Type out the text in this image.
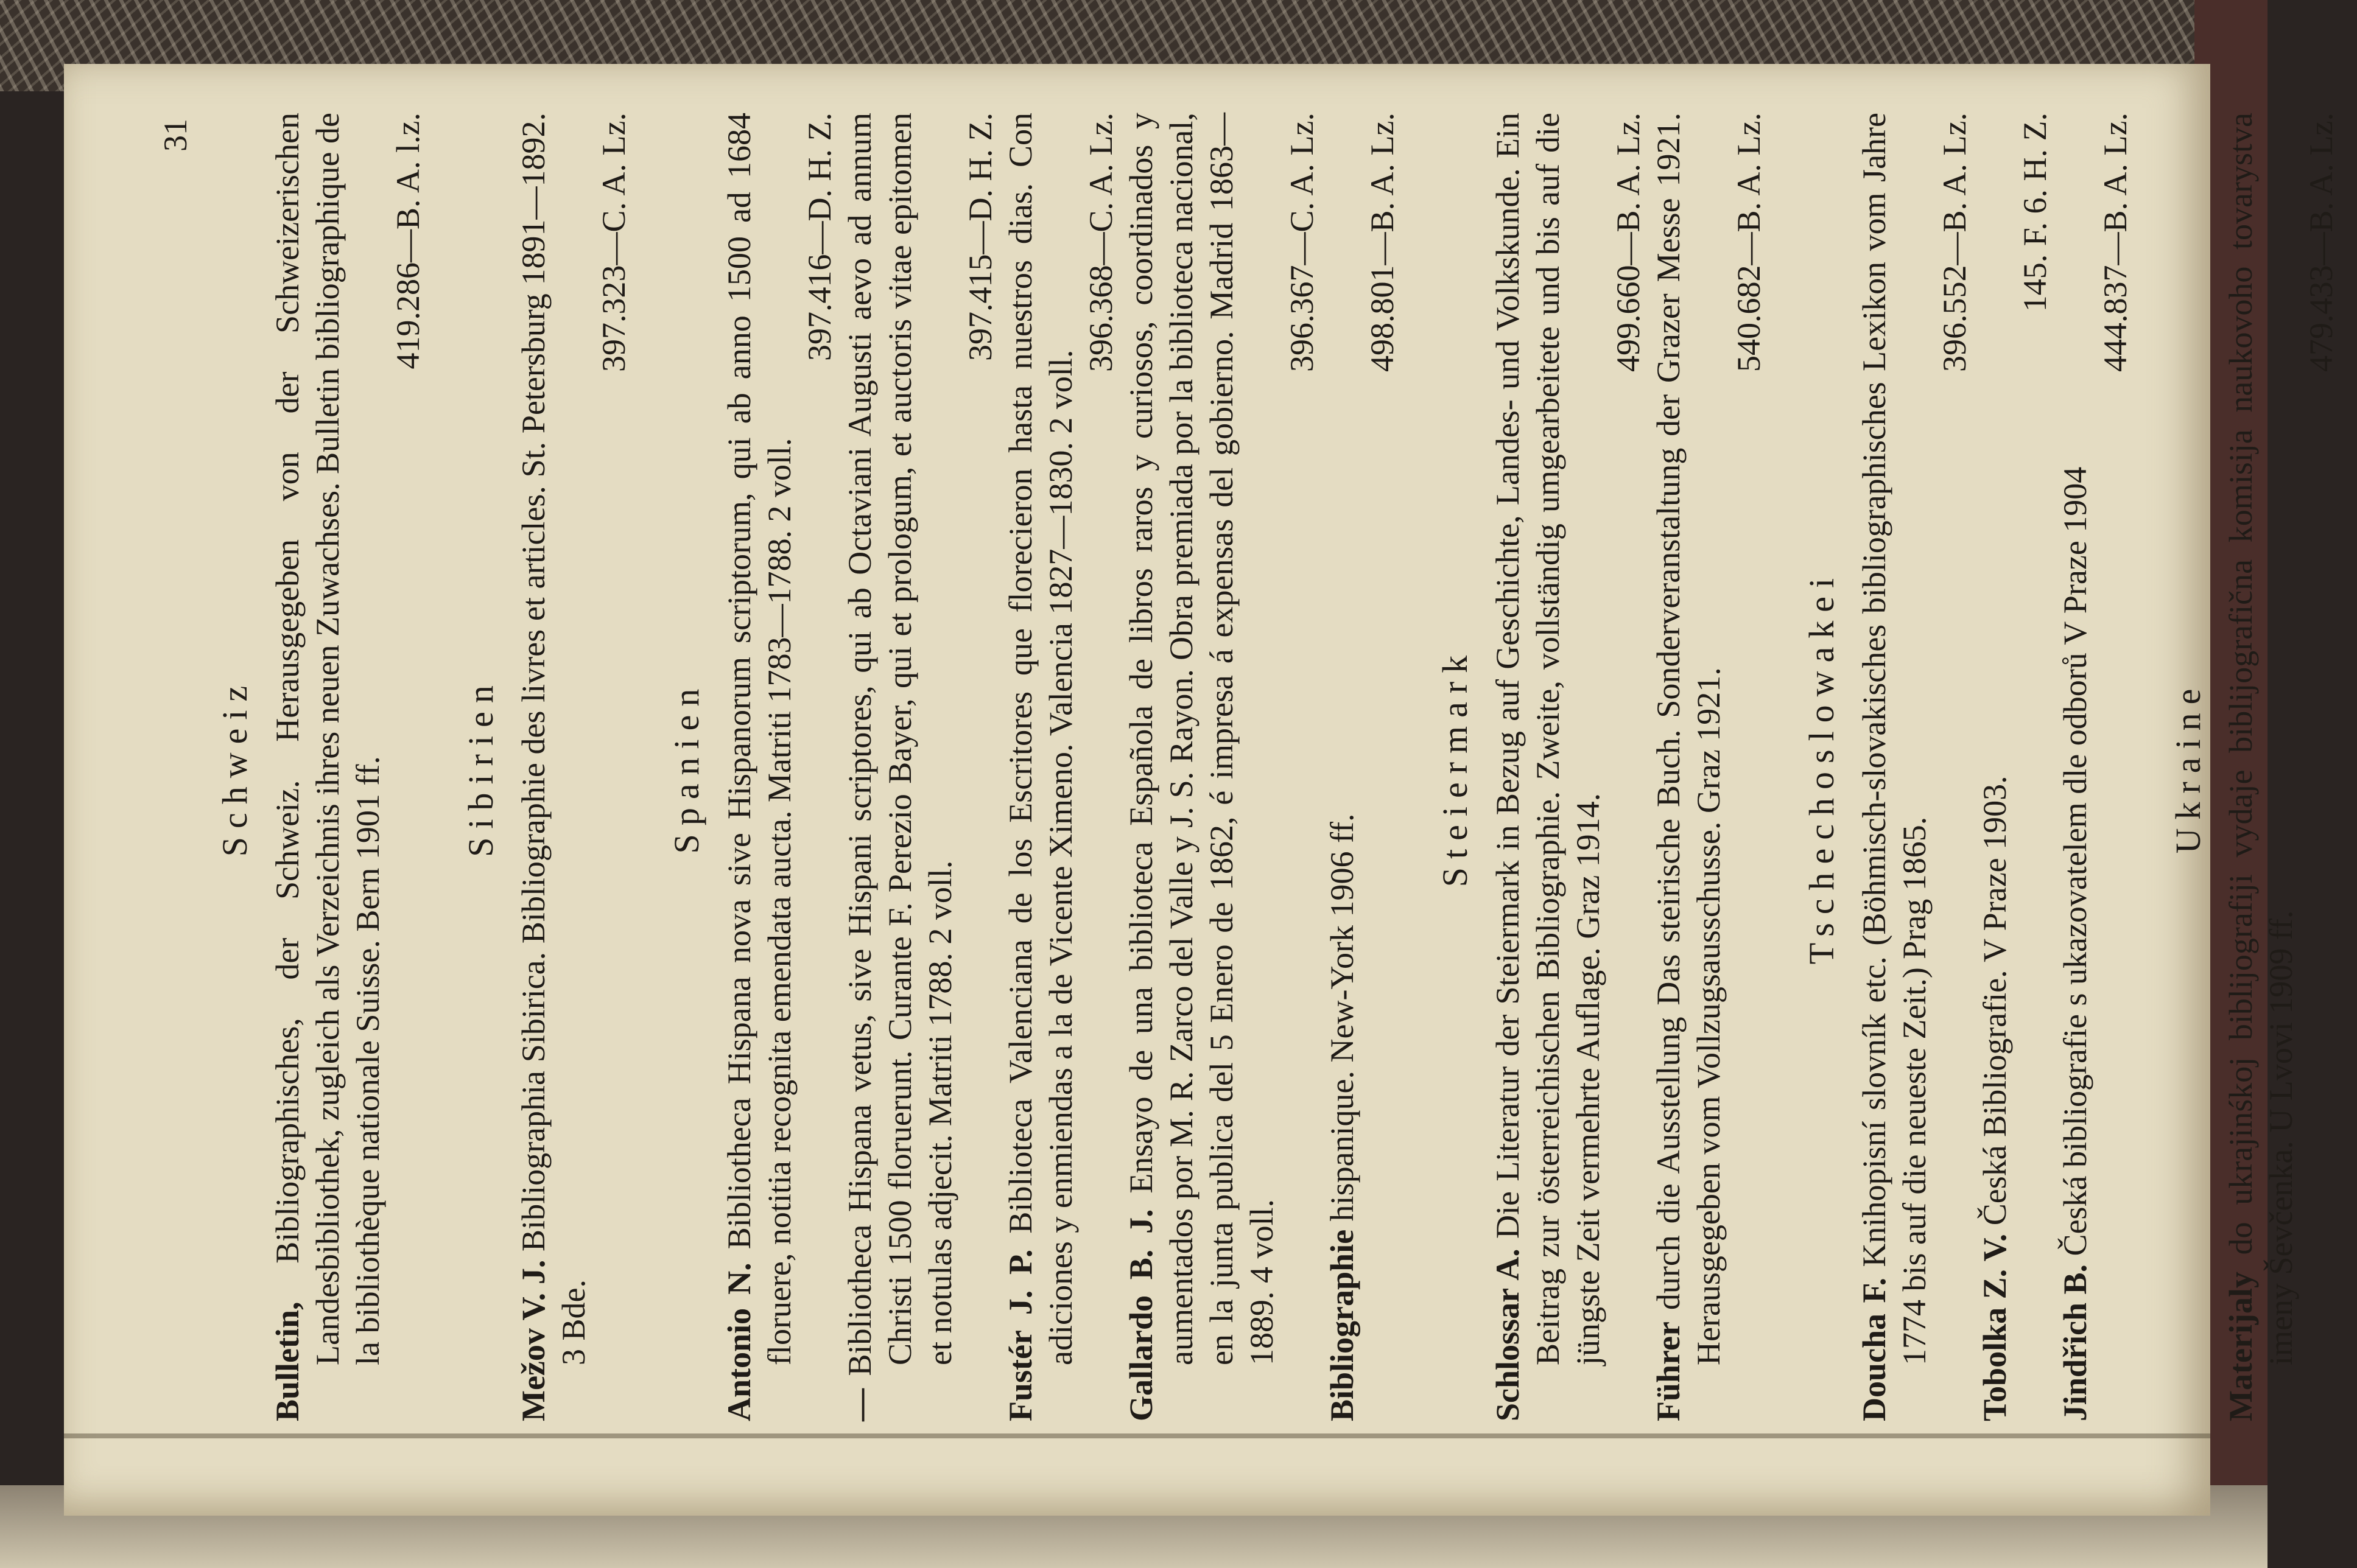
31
Schweiz

Bulletin, Bibliographisches, der Schweiz. Herausgegeben von der Schweizerischen Landesbibliothek, zugleich als Verzeichnis ihres neuen Zuwachses. Bulletin bibliographique de la bibliothèque nationale Suisse. Bern 1901 ff.
419.286—B. A. l.z.

Sibirien

Mežov V. J. Bibliographia Sibirica. Bibliographie des livres et articles. St. Petersburg 1891—1892. 3 Bde.
397.323—C. A. Lz.

Spanien

Antonio N. Bibliotheca Hispana nova sive Hispanorum scriptorum, qui ab anno 1500 ad 1684 floruere, notitia recognita emendata aucta. Matriti 1783—1788. 2 voll.
397.416—D. H. Z.

— Bibliotheca Hispana vetus, sive Hispani scriptores, qui ab Octaviani Augusti aevo ad annum Christi 1500 floruerunt. Curante F. Perezio Bayer, qui et prologum, et auctoris vitae epitomen et notulas adjecit. Matriti 1788. 2 voll.
397.415—D. H. Z.

Fustér J. P. Biblioteca Valenciana de los Escritores que florecieron hasta nuestros dias. Con adiciones y enmiendas a la de Vicente Ximeno. Valencia 1827—1830. 2 voll.
396.368—C. A. Lz.

Gallardo B. J. Ensayo de una biblioteca Española de libros raros y curiosos, coordinados y aumentados por M. R. Zarco del Valle y J. S. Rayon. Obra premiada por la biblioteca nacional, en la junta publica del 5 Enero de 1862, é impresa á expensas del gobierno. Madrid 1863—1889. 4 voll.
396.367—C. A. Lz.

Bibliographie hispanique. New-York 1906 ff.
498.801—B. A. Lz.

Steiermark

Schlossar A. Die Literatur der Steiermark in Bezug auf Geschichte, Landes- und Volkskunde. Ein Beitrag zur österreichischen Bibliographie. Zweite, vollständig umgearbeitete und bis auf die jüngste Zeit vermehrte Auflage. Graz 1914.
499.660—B. A. Lz.

Führer durch die Ausstellung Das steirische Buch. Sonderveranstaltung der Grazer Messe 1921. Herausgegeben vom Vollzugsausschusse. Graz 1921.
540.682—B. A. Lz.

Tschechoslowakei

Doucha F. Knihopisní slovník etc. (Böhmisch-slovakisches bibliographisches Lexikon vom Jahre 1774 bis auf die neueste Zeit.) Prag 1865.
396.552—B. A. Lz.

Tobolka Z. V. Česká Bibliografie. V Praze 1903.
145. F. 6. H. Z.

Jindřich B. Česká bibliografie s ukazovatelem dle odborů V Praze 1904
444.837—B. A. Lz.

Ukraine

Materijaly do ukrajinśkoj biblijografiji vydaje biblijografična komisija naukovoho tovarystva imeny Ševčenka. U Lvovi 1909 ff.
479.433—B. A. Lz.
